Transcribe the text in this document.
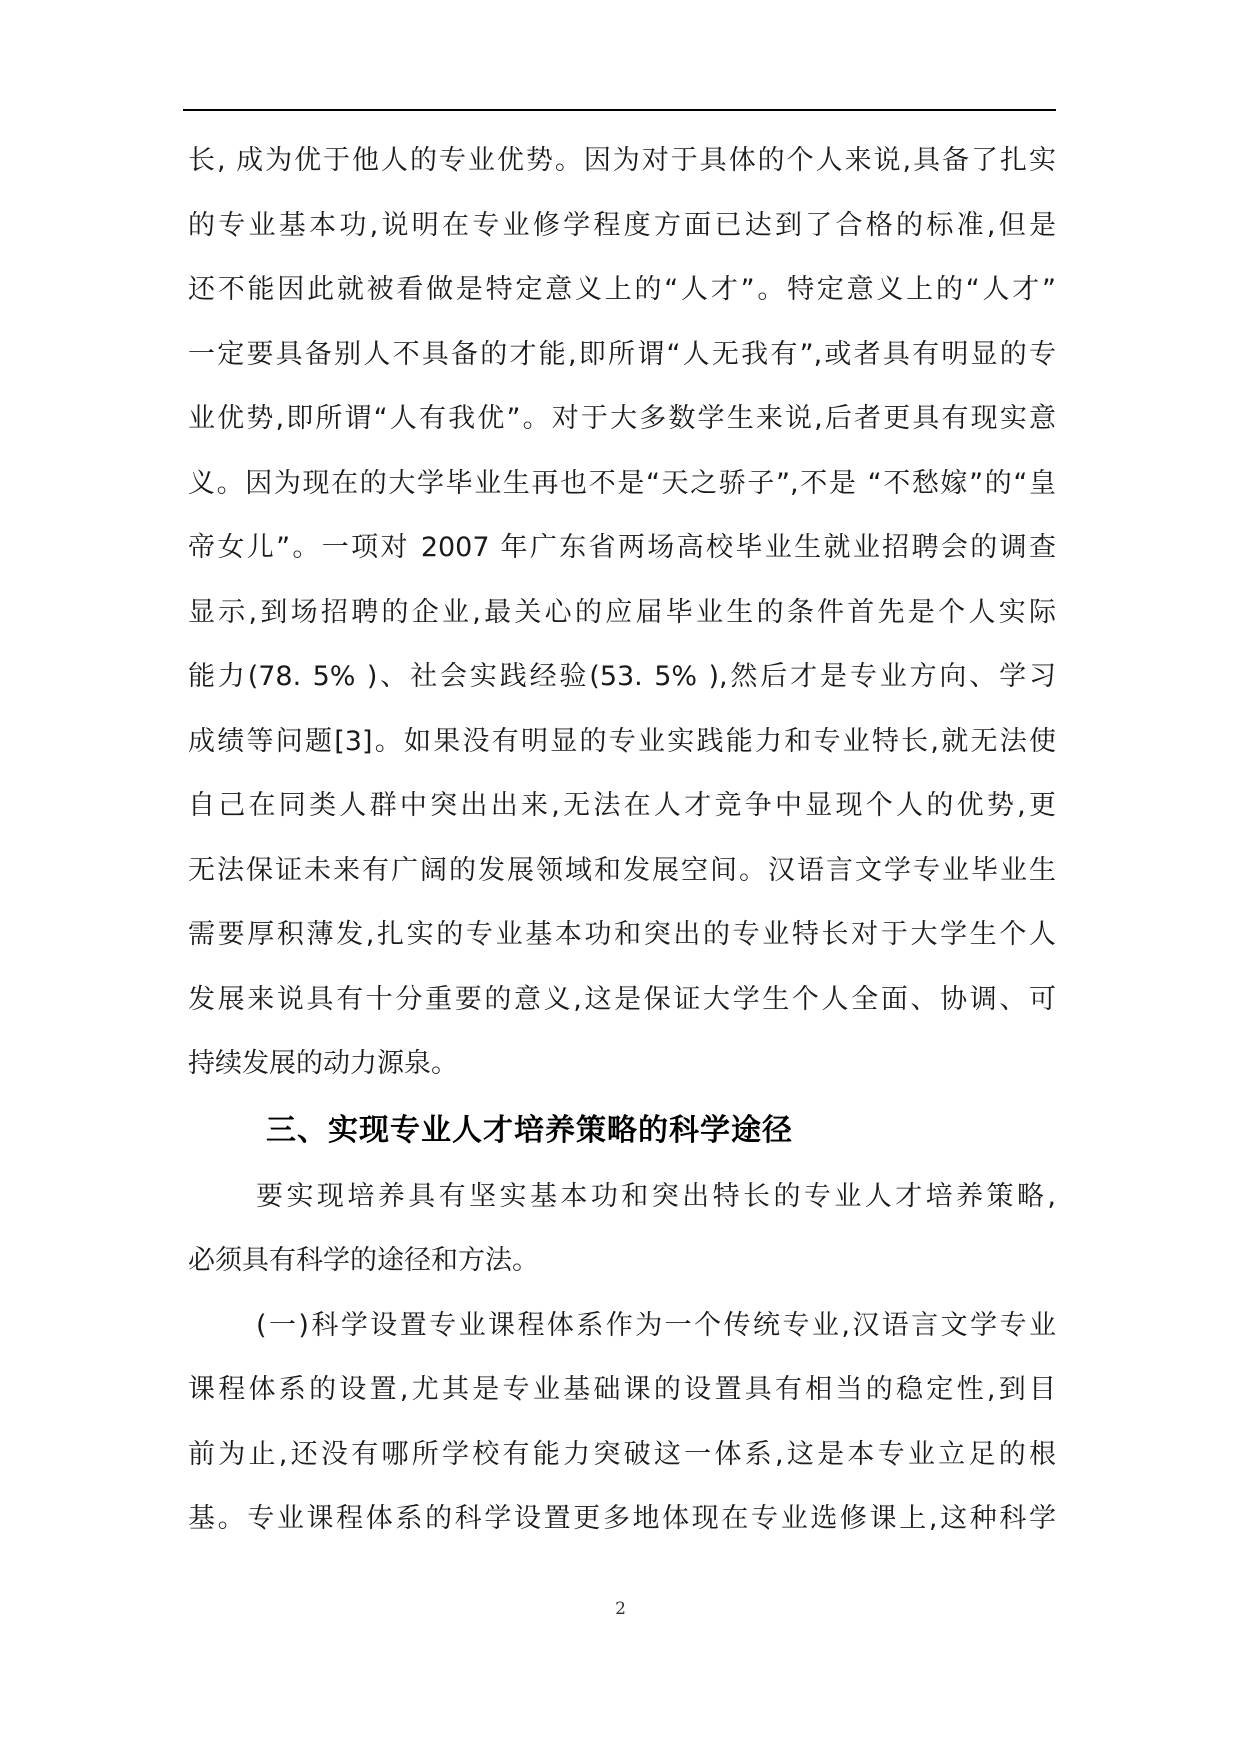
长, 成为优于他人的专业优势。因为对于具体的个人来说,具备了扎实
的专业基本功,说明在专业修学程度方面已达到了合格的标准,但是
还不能因此就被看做是特定意义上的“人才”。特定意义上的“人才”
一定要具备别人不具备的才能,即所谓“人无我有”,或者具有明显的专
业优势,即所谓“人有我优”。对于大多数学生来说,后者更具有现实意
义。因为现在的大学毕业生再也不是“天之骄子”,不是 “不愁嫁”的“皇
帝女儿”。一项对 2007 年广东省两场高校毕业生就业招聘会的调查
显示,到场招聘的企业,最关心的应届毕业生的条件首先是个人实际
能力(78. 5% )、社会实践经验(53. 5% ),然后才是专业方向、学习
成绩等问题[3]。如果没有明显的专业实践能力和专业特长,就无法使
自己在同类人群中突出出来,无法在人才竞争中显现个人的优势,更
无法保证未来有广阔的发展领域和发展空间。汉语言文学专业毕业生
需要厚积薄发,扎实的专业基本功和突出的专业特长对于大学生个人
发展来说具有十分重要的意义,这是保证大学生个人全面、协调、可
持续发展的动力源泉。
三、实现专业人才培养策略的科学途径
要实现培养具有坚实基本功和突出特长的专业人才培养策略,
必须具有科学的途径和方法。
(一)科学设置专业课程体系作为一个传统专业,汉语言文学专业
课程体系的设置,尤其是专业基础课的设置具有相当的稳定性,到目
前为止,还没有哪所学校有能力突破这一体系,这是本专业立足的根
基。专业课程体系的科学设置更多地体现在专业选修课上,这种科学
2
